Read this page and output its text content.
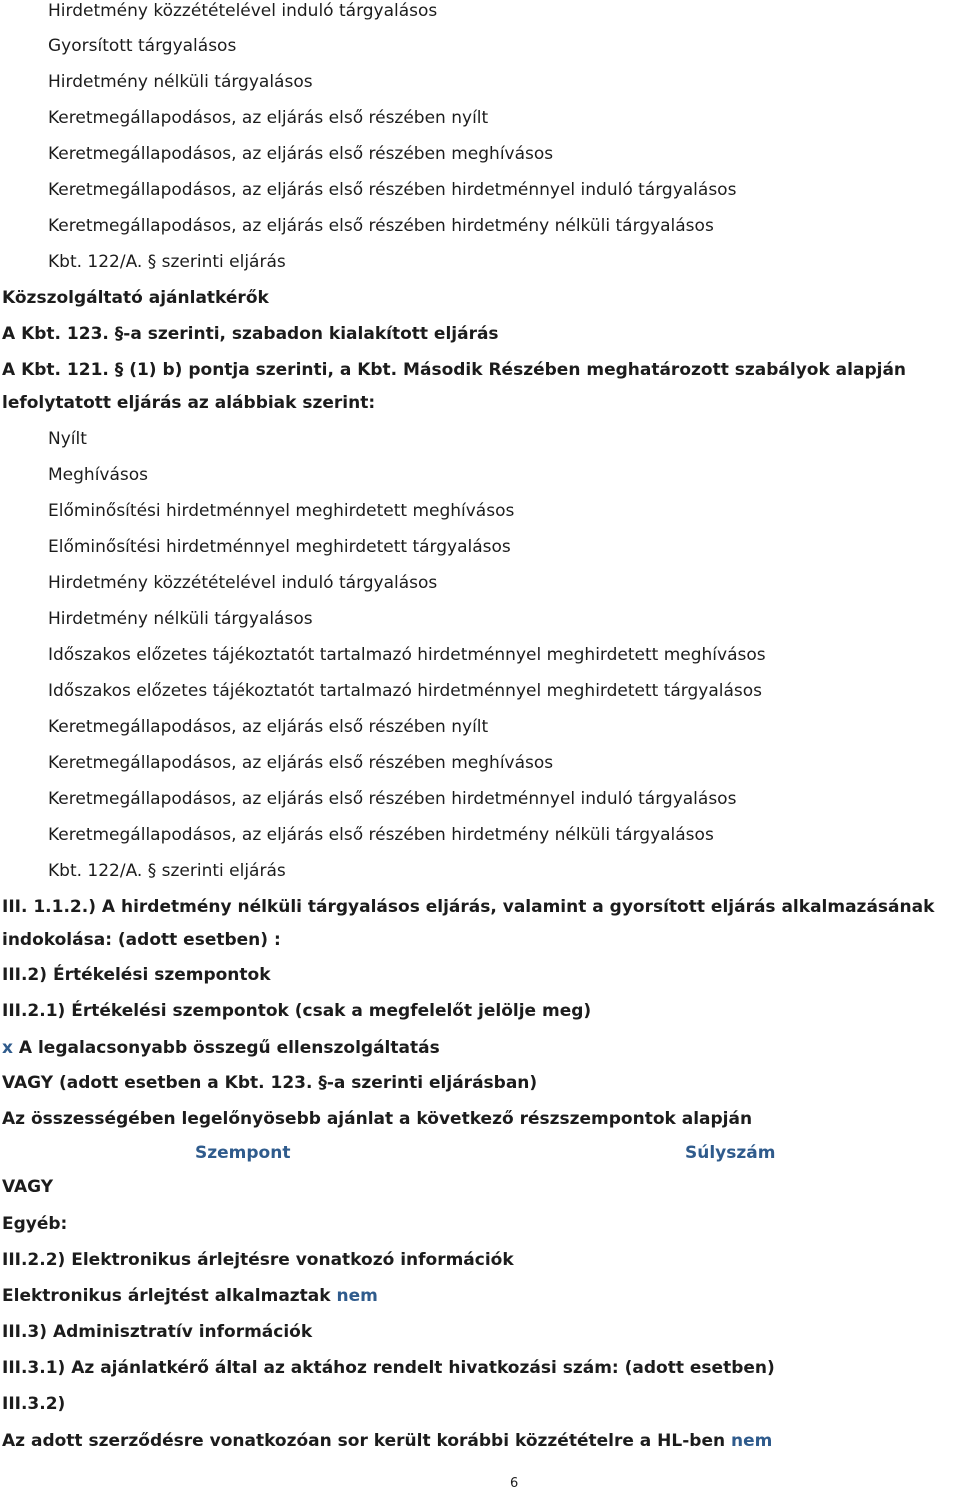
Hirdetmény közzétételével induló tárgyalásos
Gyorsított tárgyalásos
Hirdetmény nélküli tárgyalásos
Keretmegállapodásos, az eljárás első részében nyílt
Keretmegállapodásos, az eljárás első részében meghívásos
Keretmegállapodásos, az eljárás első részében hirdetménnyel induló tárgyalásos
Keretmegállapodásos, az eljárás első részében hirdetmény nélküli tárgyalásos
Kbt. 122/A. § szerinti eljárás
Közszolgáltató ajánlatkérők
A Kbt. 123. §-a szerinti, szabadon kialakított eljárás
A Kbt. 121. § (1) b) pontja szerinti, a Kbt. Második Részében meghatározott szabályok alapján
lefolytatott eljárás az alábbiak szerint:
Nyílt
Meghívásos
Előminősítési hirdetménnyel meghirdetett meghívásos
Előminősítési hirdetménnyel meghirdetett tárgyalásos
Hirdetmény közzétételével induló tárgyalásos
Hirdetmény nélküli tárgyalásos
Időszakos előzetes tájékoztatót tartalmazó hirdetménnyel meghirdetett meghívásos
Időszakos előzetes tájékoztatót tartalmazó hirdetménnyel meghirdetett tárgyalásos
Keretmegállapodásos, az eljárás első részében nyílt
Keretmegállapodásos, az eljárás első részében meghívásos
Keretmegállapodásos, az eljárás első részében hirdetménnyel induló tárgyalásos
Keretmegállapodásos, az eljárás első részében hirdetmény nélküli tárgyalásos
Kbt. 122/A. § szerinti eljárás
III. 1.1.2.) A hirdetmény nélküli tárgyalásos eljárás, valamint a gyorsított eljárás alkalmazásának
indokolása: (adott esetben) :
III.2) Értékelési szempontok
III.2.1) Értékelési szempontok (csak a megfelelőt jelölje meg)
x A legalacsonyabb összegű ellenszolgáltatás
VAGY (adott esetben a Kbt. 123. §-a szerinti eljárásban)
Az összességében legelőnyösebb ajánlat a következő részszempontok alapján
Szempont	Súlyszám
VAGY
Egyéb:
III.2.2) Elektronikus árlejtésre vonatkozó információk
Elektronikus árlejtést alkalmaztak nem
III.3) Adminisztratív információk
III.3.1) Az ajánlatkérő által az aktához rendelt hivatkozási szám: (adott esetben)
III.3.2)
Az adott szerződésre vonatkozóan sor került korábbi közzétételre a HL-ben nem
6
